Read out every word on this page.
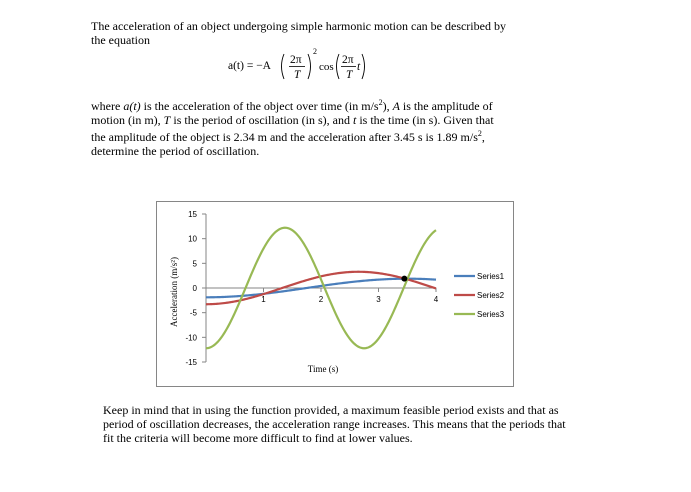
The acceleration of an object undergoing simple harmonic motion can be described by the equation
a(t) = −A 2π
T
2
cos
2π
T
t
where a(t) is the acceleration of the object over time (in $m/s^2$), A is the amplitude of motion (in m), T is the period of oscillation (in s), and t is the time (in s). Given that the amplitude of the object is 2.34 m and the acceleration after 3.45 s is 1.89 $m/s^2$, determine the period of oscillation.
15
10
5
0
-5
-10
-15
1	2	3	4
Series1
Series2
Series3
Acceleration (m/s²)
Time (s)
Keep in mind that in using the function provided, a maximum feasible period exists and that as period of oscillation decreases, the acceleration range increases. This means that the periods that fit the criteria will become more difficult to find at lower values.
